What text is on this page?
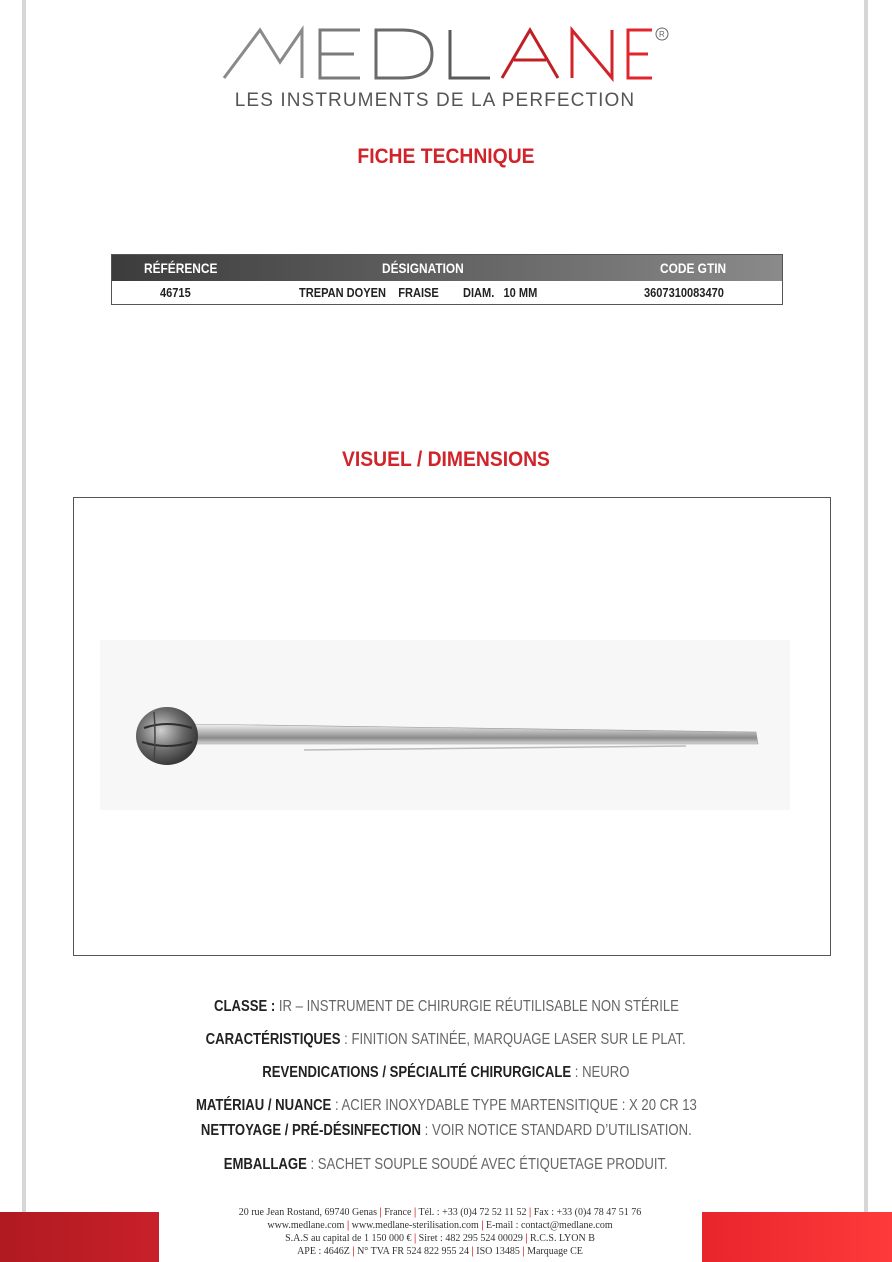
R
LES INSTRUMENTS DE LA PERFECTION
FICHE TECHNIQUE
RÉFÉRENCE	DÉSIGNATION	CODE GTIN
46715	TREPAN DOYEN    FRAISE DIAM.   10 MM	3607310083470
VISUEL / DIMENSIONS
CLASSE : IR – INSTRUMENT DE CHIRURGIE RÉUTILISABLE NON STÉRILE
CARACTÉRISTIQUES : FINITION SATINÉE, MARQUAGE LASER SUR LE PLAT.
REVENDICATIONS / SPÉCIALITÉ CHIRURGICALE : NEURO
MATÉRIAU / NUANCE : ACIER INOXYDABLE TYPE MARTENSITIQUE : X 20 CR 13
NETTOYAGE / PRÉ-DÉSINFECTION : VOIR NOTICE STANDARD D’UTILISATION.
EMBALLAGE : SACHET SOUPLE SOUDÉ AVEC ÉTIQUETAGE PRODUIT.
20 rue Jean Rostand, 69740 Genas | France | Tél. : +33 (0)4 72 52 11 52 | Fax : +33 (0)4 78 47 51 76
www.medlane.com | www.medlane-sterilisation.com | E-mail : contact@medlane.com
S.A.S au capital de 1 150 000 € | Siret : 482 295 524 00029 | R.C.S. LYON B
APE : 4646Z | N° TVA FR 524 822 955 24 | ISO 13485 | Marquage CE
